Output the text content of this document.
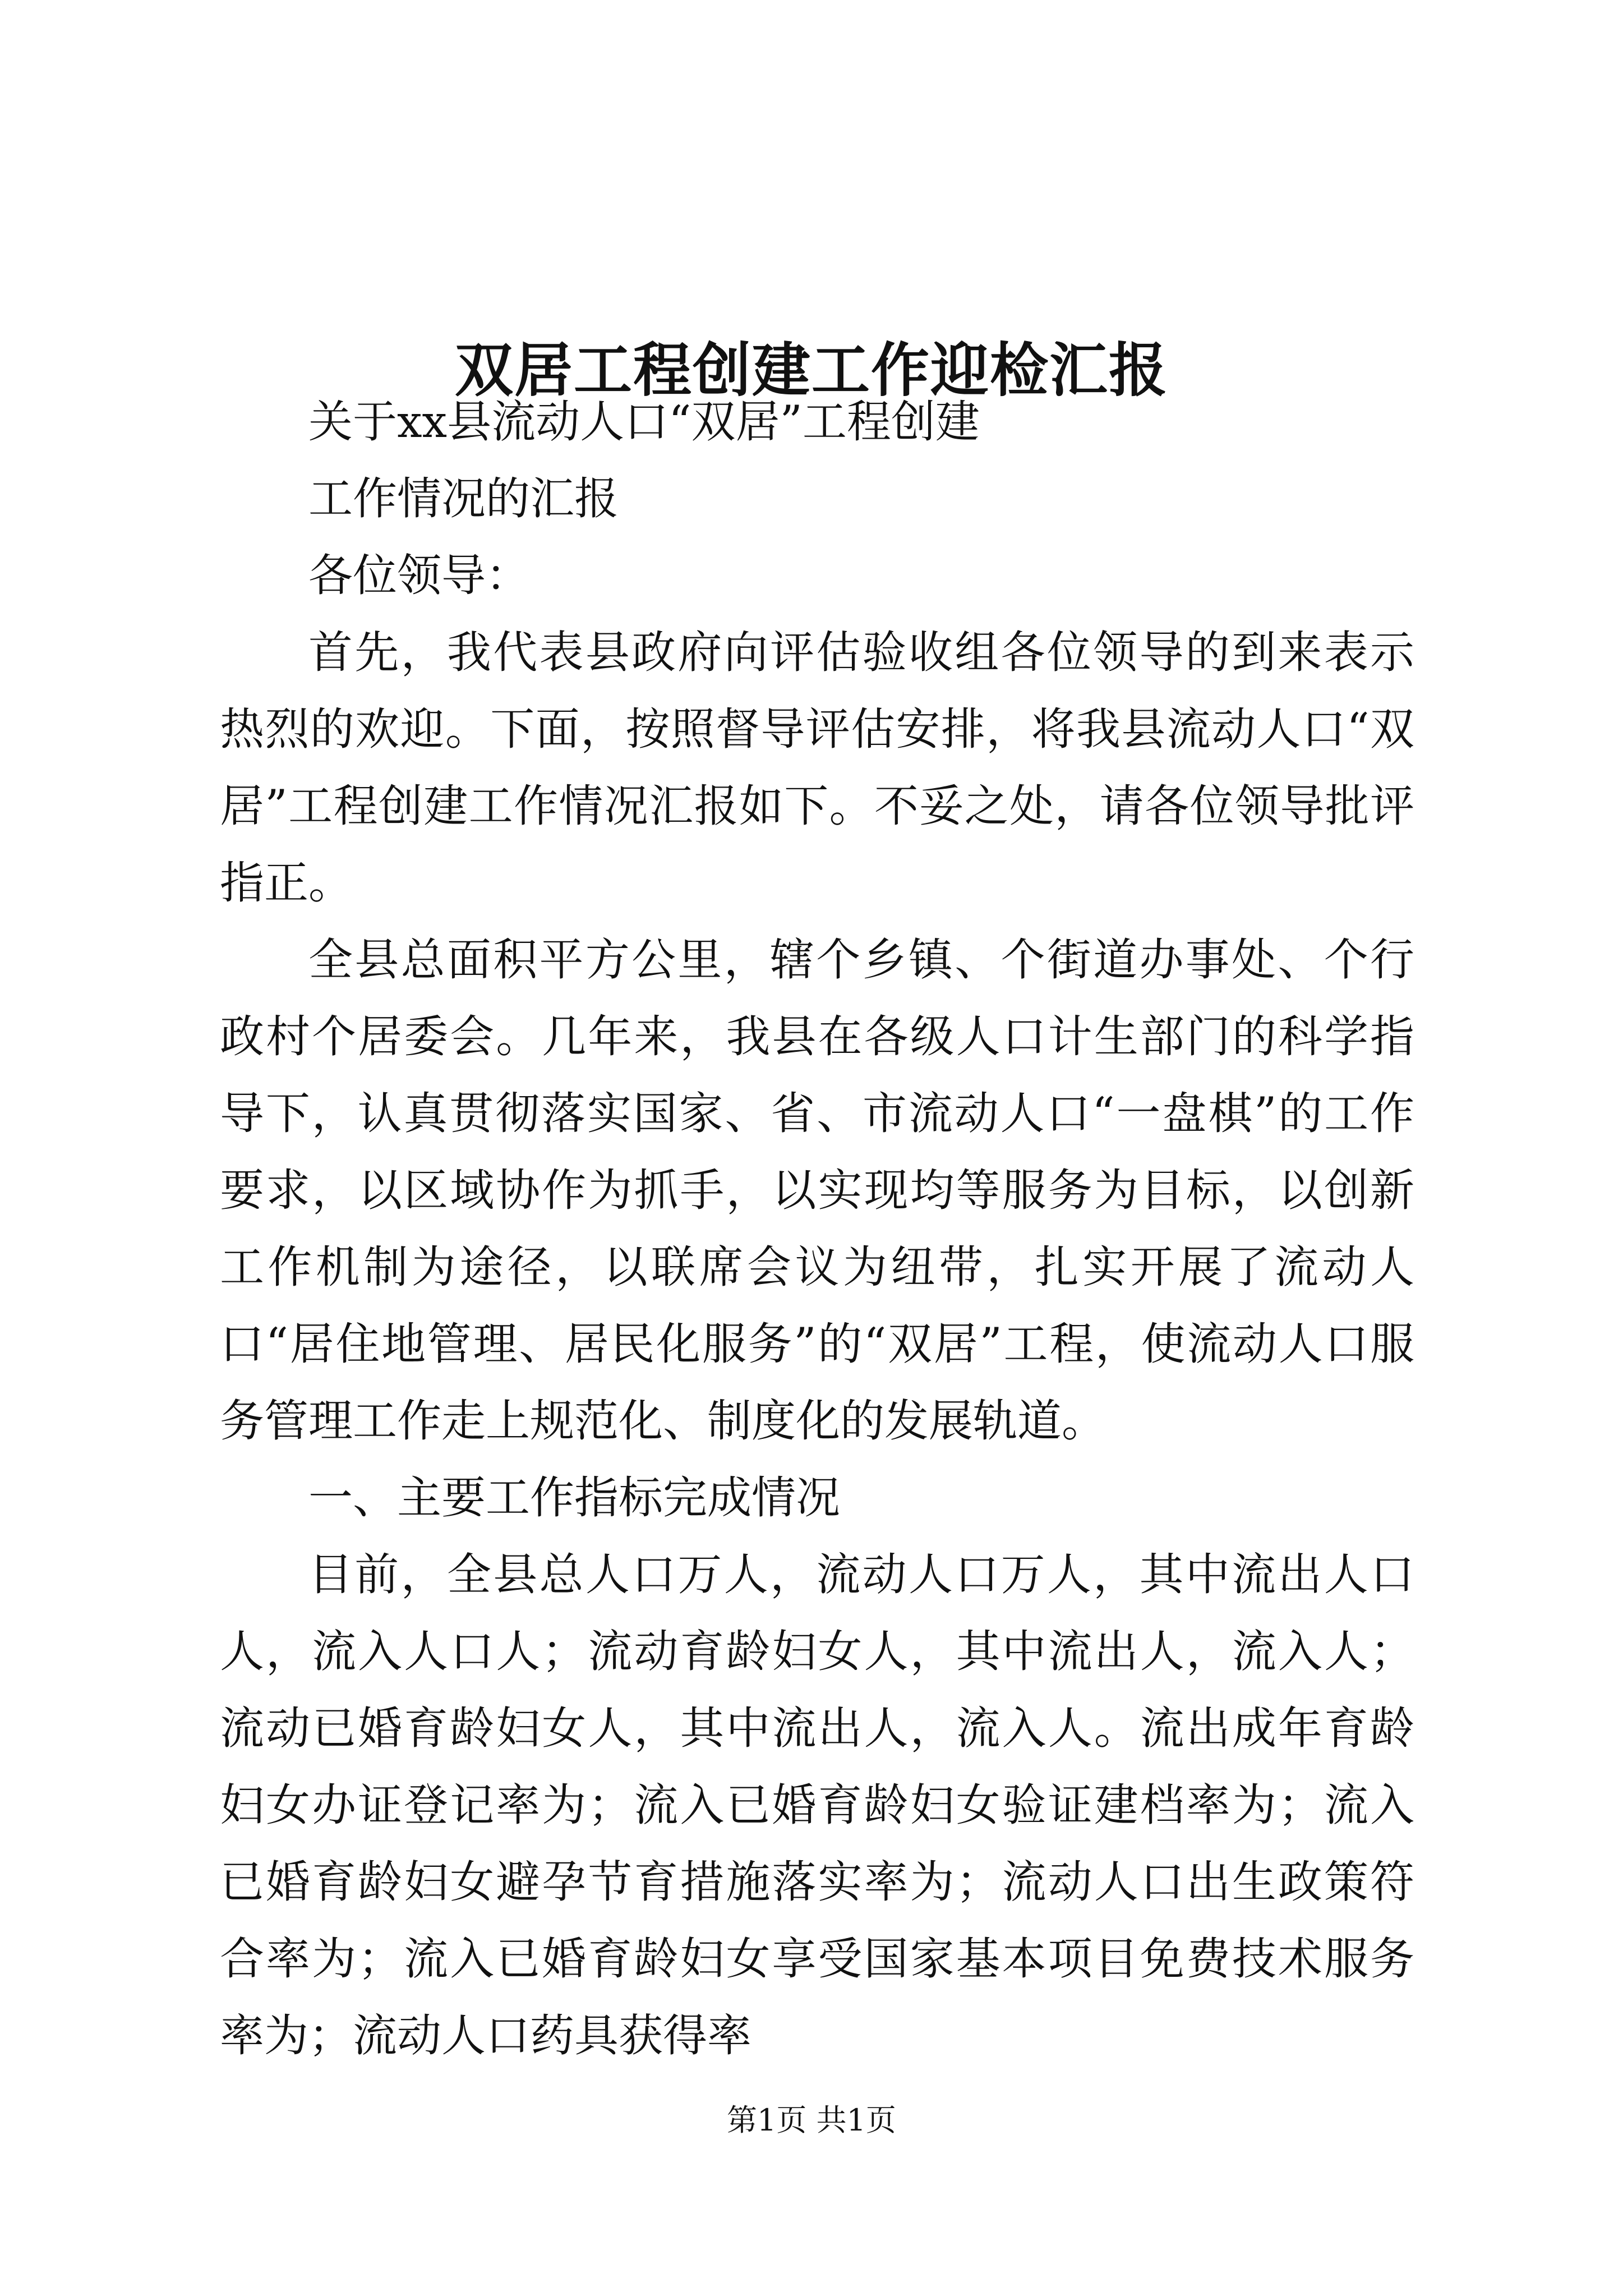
双居工程创建工作迎检汇报

关于xx县流动人口“双居”工程创建

工作情况的汇报

各位领导：

首先，我代表县政府向评估验收组各位领导的到来表示热烈的欢迎。下面，按照督导评估安排，将我县流动人口“双居”工程创建工作情况汇报如下。不妥之处，请各位领导批评指正。

全县总面积平方公里，辖个乡镇、个街道办事处、个行政村个居委会。几年来，我县在各级人口计生部门的科学指导下，认真贯彻落实国家、省、市流动人口“一盘棋”的工作要求，以区域协作为抓手，以实现均等服务为目标，以创新工作机制为途径，以联席会议为纽带，扎实开展了流动人口“居住地管理、居民化服务”的“双居”工程，使流动人口服务管理工作走上规范化、制度化的发展轨道。

一、主要工作指标完成情况

目前，全县总人口万人，流动人口万人，其中流出人口人，流入人口人；流动育龄妇女人，其中流出人，流入人；流动已婚育龄妇女人，其中流出人，流入人。流出成年育龄妇女办证登记率为；流入已婚育龄妇女验证建档率为；流入已婚育龄妇女避孕节育措施落实率为；流动人口出生政策符合率为；流入已婚育龄妇女享受国家基本项目免费技术服务率为；流动人口药具获得率

第1页 共1页
